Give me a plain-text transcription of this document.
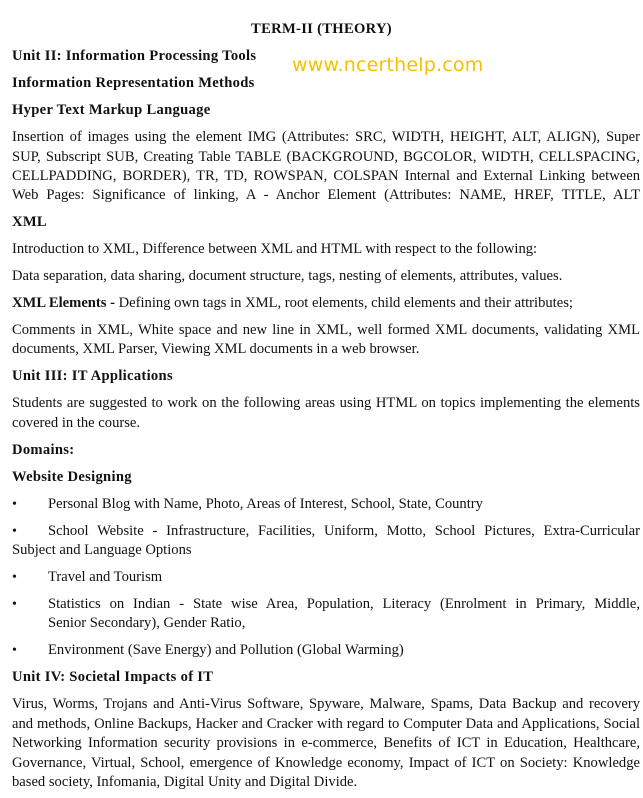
TERM-II (THEORY)
www.ncerthelp.com
Unit II: Information Processing Tools
Information Representation Methods
Hyper Text Markup Language
Insertion of images using the element IMG (Attributes: SRC, WIDTH, HEIGHT, ALT, ALIGN), Super
SUP, Subscript SUB, Creating Table TABLE (BACKGROUND, BGCOLOR, WIDTH, CELLSPACING,
CELLPADDING, BORDER), TR, TD, ROWSPAN, COLSPAN Internal and External Linking between
Web Pages: Significance of linking, A - Anchor Element (Attributes: NAME, HREF, TITLE, ALT
XML
Introduction to XML, Difference between XML and HTML with respect to the following:
Data separation, data sharing, document structure, tags, nesting of elements, attributes, values.
XML Elements - Defining own tags in XML, root elements, child elements and their attributes;
Comments in XML, White space and new line in XML, well formed XML documents, validating XML
documents, XML Parser, Viewing XML documents in a web browser.
Unit III: IT Applications
Students are suggested to work on the following areas using HTML on topics implementing the elements
covered in the course.
Domains:
Website Designing
• Personal Blog with Name, Photo, Areas of Interest, School, State, Country
• School Website - Infrastructure, Facilities, Uniform, Motto, School Pictures, Extra-Curricular
Subject and Language Options
• Travel and Tourism
• Statistics on Indian - State wise Area, Population, Literacy (Enrolment in Primary, Middle,
Senior Secondary), Gender Ratio,
• Environment (Save Energy) and Pollution (Global Warming)
Unit IV: Societal Impacts of IT
Virus, Worms, Trojans and Anti-Virus Software, Spyware, Malware, Spams, Data Backup and recovery
and methods, Online Backups, Hacker and Cracker with regard to Computer Data and Applications, Social
Networking Information security provisions in e-commerce, Benefits of ICT in Education, Healthcare,
Governance, Virtual, School, emergence of Knowledge economy, Impact of ICT on Society: Knowledge
based society, Infomania, Digital Unity and Digital Divide.
